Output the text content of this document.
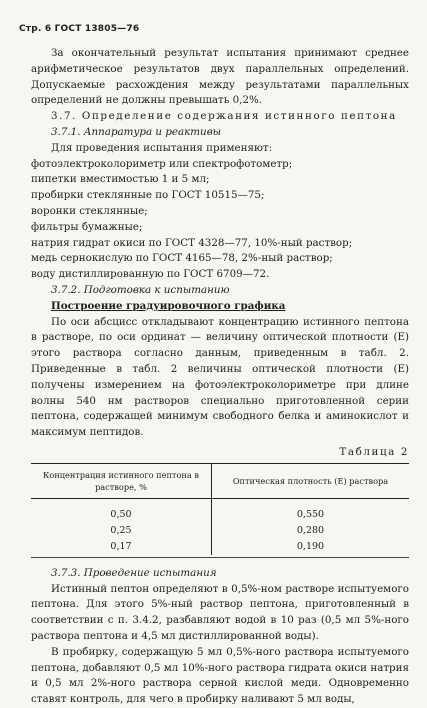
Стр. 6 ГОСТ 13805—76

За окончательный результат испытания принимают среднее арифметическое результатов двух параллельных определений. Допускаемые расхождения между результатами параллельных определений не должны превышать 0,2%.

3.7. Определение содержания истинного пептона

3.7.1. Аппаратура и реактивы

Для проведения испытания применяют:

фотоэлектроколориметр или спектрофотометр;

пипетки вместимостью 1 и 5 мл;

пробирки стеклянные по ГОСТ 10515—75;

воронки стеклянные;

фильтры бумажные;

натрия гидрат окиси по ГОСТ 4328—77, 10%-ный раствор;

медь сернокислую по ГОСТ 4165—78, 2%-ный раствор;

воду дистиллированную по ГОСТ 6709—72.

3.7.2. Подготовка к испытанию

Построение градуировочного графика

По оси абсцисс откладывают концентрацию истинного пептона в растворе, по оси ординат — величину оптической плотности (E) этого раствора согласно данным, приведенным в табл. 2. Приведенные в табл. 2 величины оптической плотности (E) получены измерением на фотоэлектроколориметре при длине волны 540 нм растворов специально приготовленной серии пептона, содержащей минимум свободного белка и аминокислот и максимум пептидов.

Таблица 2
Концентрация истинного пептона в растворе, %	Оптическая плотность (E) раствора
0,50	0,550
0,25	0,280
0,17	0,190

3.7.3. Проведение испытания

Истинный пептон определяют в 0,5%-ном растворе испытуемого пептона. Для этого 5%-ный раствор пептона, приготовленный в соответствии с п. 3.4.2, разбавляют водой в 10 раз (0,5 мл 5%-ного раствора пептона и 4,5 мл дистиллированной воды).

В пробирку, содержащую 5 мл 0,5%-ного раствора испытуемого пептона, добавляют 0,5 мл 10%-ного раствора гидрата окиси натрия и 0,5 мл 2%-ного раствора серной кислой меди. Одновременно ставят контроль, для чего в пробирку наливают 5 мл воды,
